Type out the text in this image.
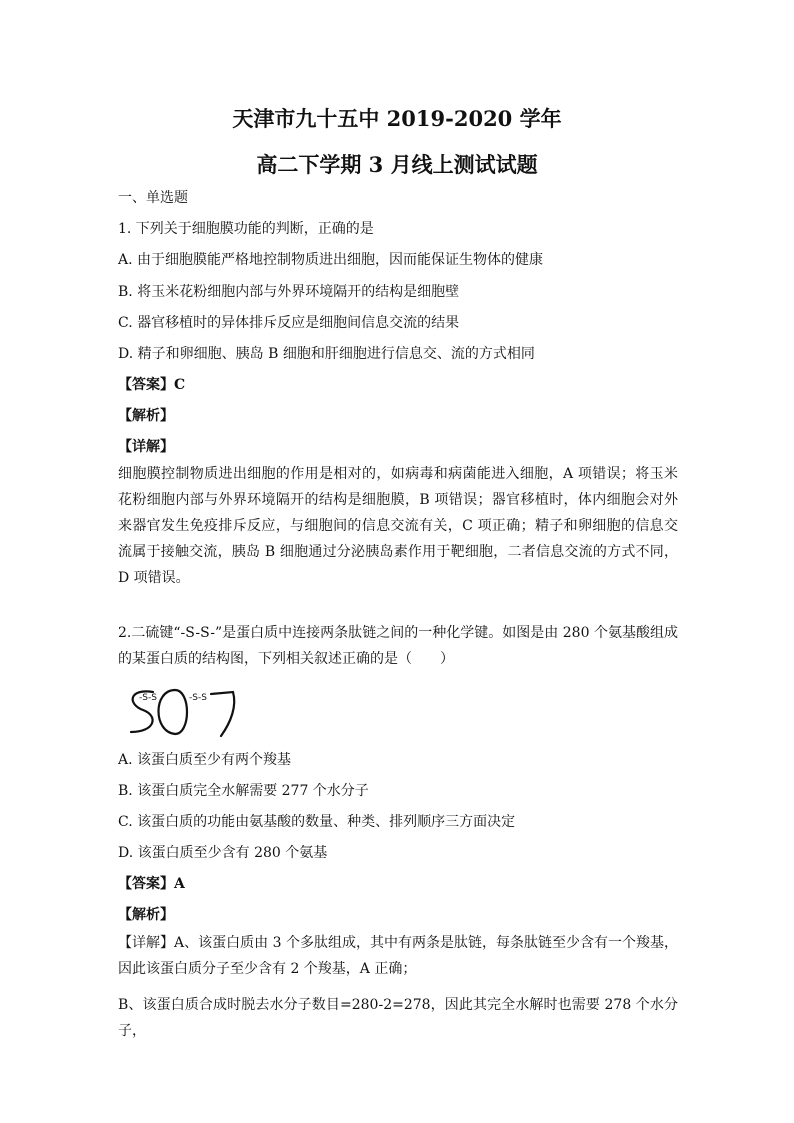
天津市九十五中 2019-2020 学年
高二下学期 3 月线上测试试题
一、单选题
1. 下列关于细胞膜功能的判断，正确的是
A. 由于细胞膜能严格地控制物质进出细胞，因而能保证生物体的健康
B. 将玉米花粉细胞内部与外界环境隔开的结构是细胞壁
C. 器官移植时的异体排斥反应是细胞间信息交流的结果
D. 精子和卵细胞、胰岛 B 细胞和肝细胞进行信息交、流的方式相同
【答案】C
【解析】
【详解】
细胞膜控制物质进出细胞的作用是相对的，如病毒和病菌能进入细胞，A 项错误；将玉米花粉细胞内部与外界环境隔开的结构是细胞膜，B 项错误；器官移植时，体内细胞会对外来器官发生免疫排斥反应，与细胞间的信息交流有关，C 项正确；精子和卵细胞的信息交流属于接触交流，胰岛 B 细胞通过分泌胰岛素作用于靶细胞，二者信息交流的方式不同，D 项错误。
2.二硫键“-S-S-”是蛋白质中连接两条肽链之间的一种化学键。如图是由 280 个氨基酸组成的某蛋白质的结构图，下列相关叙述正确的是（　　）
-S-S	-S-S
A. 该蛋白质至少有两个羧基
B. 该蛋白质完全水解需要 277 个水分子
C. 该蛋白质的功能由氨基酸的数量、种类、排列顺序三方面决定
D. 该蛋白质至少含有 280 个氨基
【答案】A
【解析】
【详解】A、该蛋白质由 3 个多肽组成，其中有两条是肽链，每条肽链至少含有一个羧基，因此该蛋白质分子至少含有 2 个羧基，A 正确；
B、该蛋白质合成时脱去水分子数目=280-2=278，因此其完全水解时也需要 278 个水分子，
